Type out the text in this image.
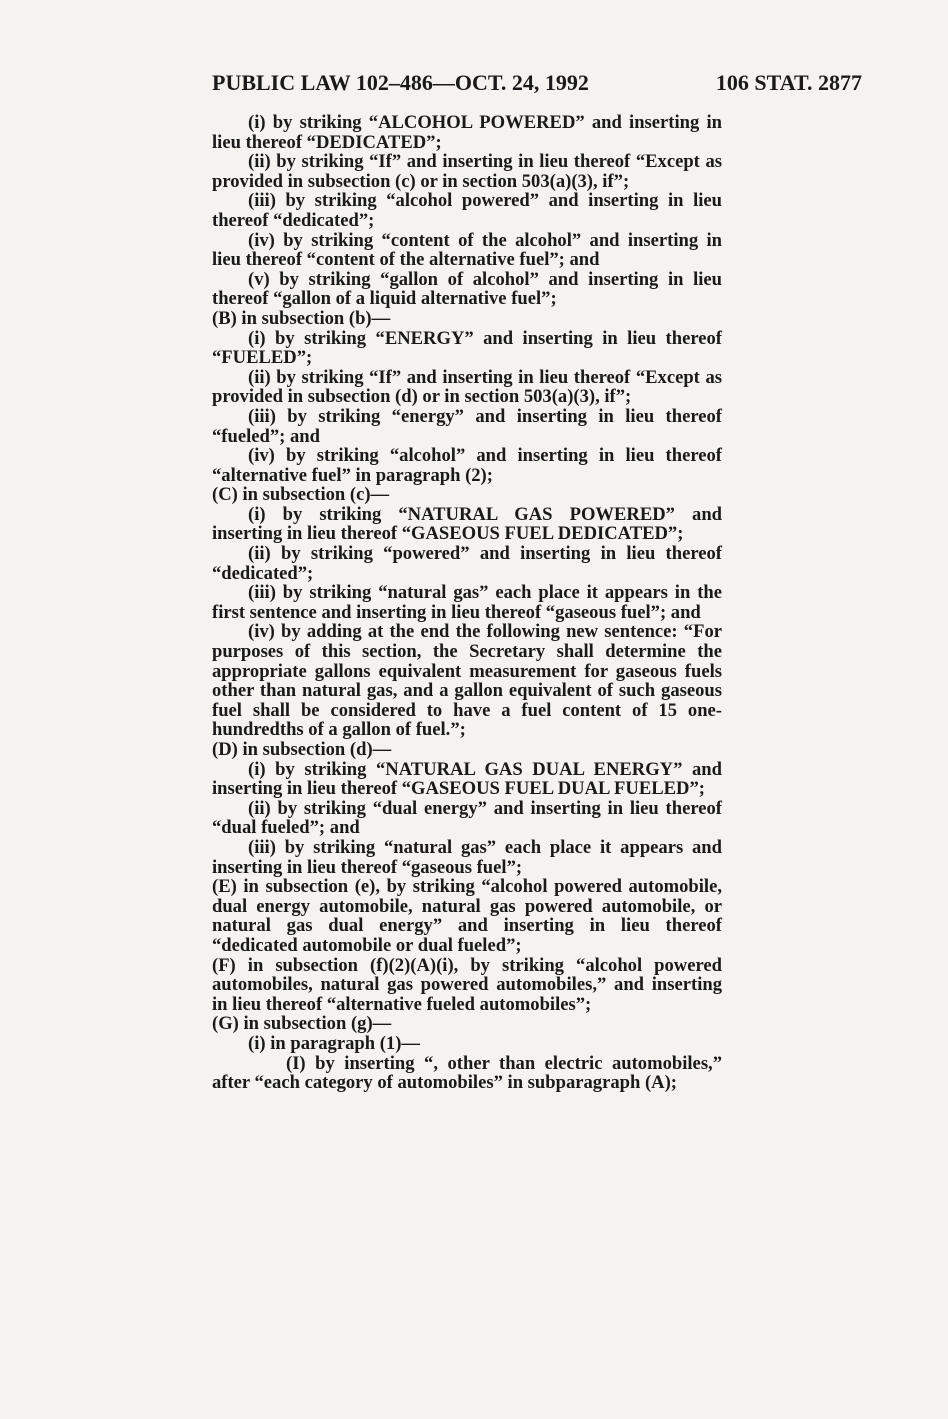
PUBLIC LAW 102–486—OCT. 24, 1992	106 STAT. 2877

(i) by striking “ALCOHOL POWERED” and inserting in lieu thereof “DEDICATED”;

(ii) by striking “If” and inserting in lieu thereof “Except as provided in subsection (c) or in section 503(a)(3), if”;

(iii) by striking “alcohol powered” and inserting in lieu thereof “dedicated”;

(iv) by striking “content of the alcohol” and inserting in lieu thereof “content of the alternative fuel”; and

(v) by striking “gallon of alcohol” and inserting in lieu thereof “gallon of a liquid alternative fuel”;

(B) in subsection (b)—

(i) by striking “ENERGY” and inserting in lieu thereof “FUELED”;

(ii) by striking “If” and inserting in lieu thereof “Except as provided in subsection (d) or in section 503(a)(3), if”;

(iii) by striking “energy” and inserting in lieu thereof “fueled”; and

(iv) by striking “alcohol” and inserting in lieu thereof “alternative fuel” in paragraph (2);

(C) in subsection (c)—

(i) by striking “NATURAL GAS POWERED” and inserting in lieu thereof “GASEOUS FUEL DEDICATED”;

(ii) by striking “powered” and inserting in lieu thereof “dedicated”;

(iii) by striking “natural gas” each place it appears in the first sentence and inserting in lieu thereof “gaseous fuel”; and

(iv) by adding at the end the following new sentence: “For purposes of this section, the Secretary shall determine the appropriate gallons equivalent measurement for gaseous fuels other than natural gas, and a gallon equivalent of such gaseous fuel shall be considered to have a fuel content of 15 one-hundredths of a gallon of fuel.”;

(D) in subsection (d)—

(i) by striking “NATURAL GAS DUAL ENERGY” and inserting in lieu thereof “GASEOUS FUEL DUAL FUELED”;

(ii) by striking “dual energy” and inserting in lieu thereof “dual fueled”; and

(iii) by striking “natural gas” each place it appears and inserting in lieu thereof “gaseous fuel”;

(E) in subsection (e), by striking “alcohol powered automobile, dual energy automobile, natural gas powered automobile, or natural gas dual energy” and inserting in lieu thereof “dedicated automobile or dual fueled”;

(F) in subsection (f)(2)(A)(i), by striking “alcohol powered automobiles, natural gas powered automobiles,” and inserting in lieu thereof “alternative fueled automobiles”;

(G) in subsection (g)—

(i) in paragraph (1)—

(I) by inserting “, other than electric automobiles,” after “each category of automobiles” in subparagraph (A);
